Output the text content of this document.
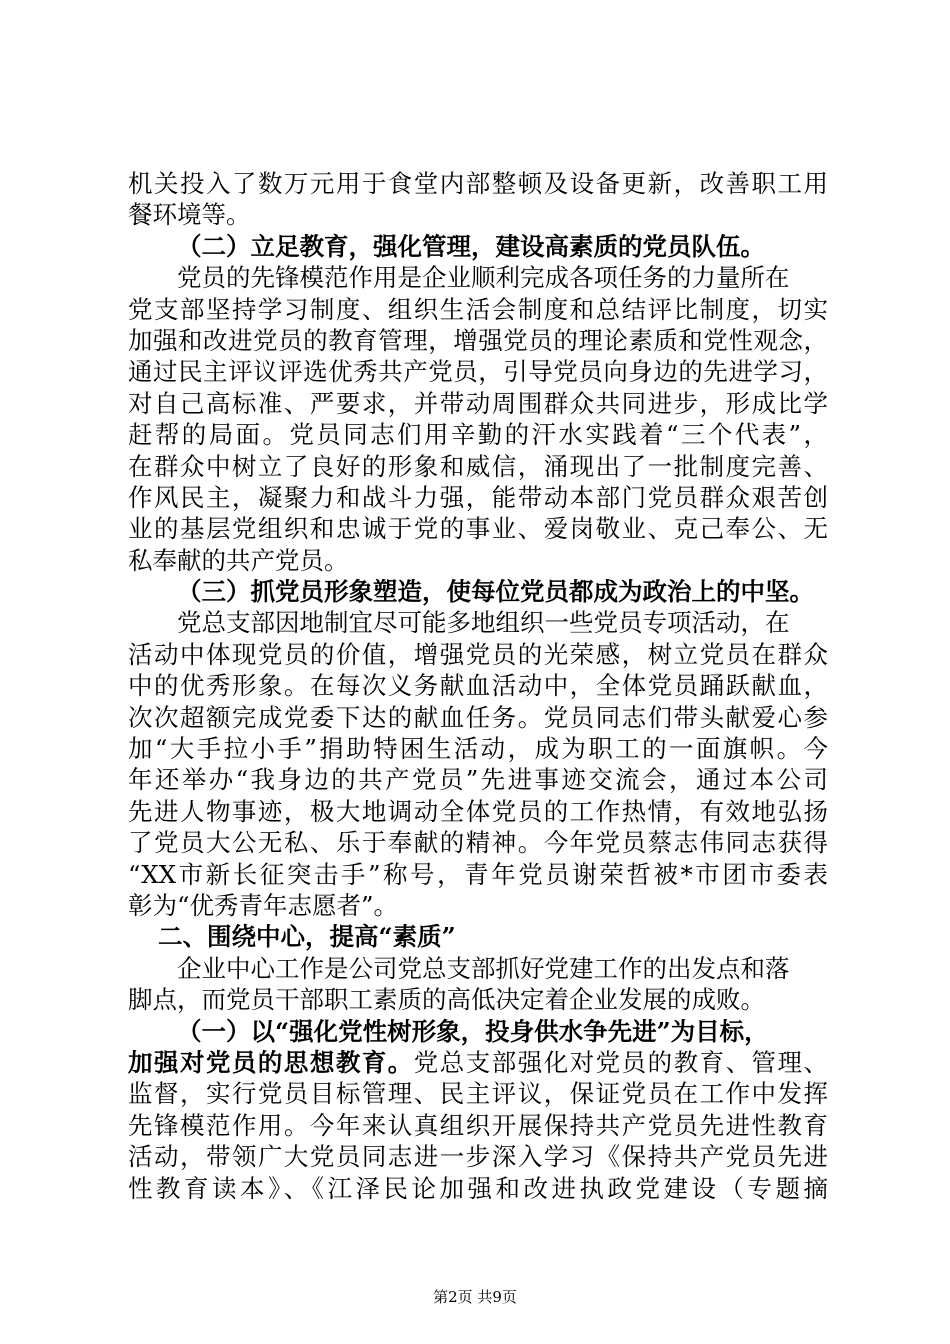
机关投入了数万元用于食堂内部整顿及设备更新，改善职工用
餐环境等。
（二）立足教育，强化管理，建设高素质的党员队伍。
党员的先锋模范作用是企业顺利完成各项任务的力量所在
党支部坚持学习制度、组织生活会制度和总结评比制度，切实
加强和改进党员的教育管理，增强党员的理论素质和党性观念，
通过民主评议评选优秀共产党员，引导党员向身边的先进学习，
对自己高标准、严要求，并带动周围群众共同进步，形成比学
赶帮的局面。党员同志们用辛勤的汗水实践着“三个代表”，
在群众中树立了良好的形象和威信，涌现出了一批制度完善、
作风民主，凝聚力和战斗力强，能带动本部门党员群众艰苦创
业的基层党组织和忠诚于党的事业、爱岗敬业、克己奉公、无
私奉献的共产党员。
（三）抓党员形象塑造，使每位党员都成为政治上的中坚。
党总支部因地制宜尽可能多地组织一些党员专项活动，在
活动中体现党员的价值，增强党员的光荣感，树立党员在群众
中的优秀形象。在每次义务献血活动中，全体党员踊跃献血，
次次超额完成党委下达的献血任务。党员同志们带头献爱心参
加“大手拉小手”捐助特困生活动，成为职工的一面旗帜。今
年还举办“我身边的共产党员”先进事迹交流会，通过本公司
先进人物事迹，极大地调动全体党员的工作热情，有效地弘扬
了党员大公无私、乐于奉献的精神。今年党员蔡志伟同志获得
“XX市新长征突击手”称号，青年党员谢荣哲被*市团市委表
彰为“优秀青年志愿者”。
二、围绕中心，提高“素质”
企业中心工作是公司党总支部抓好党建工作的出发点和落
脚点，而党员干部职工素质的高低决定着企业发展的成败。
（一）以“强化党性树形象，投身供水争先进”为目标，
加强对党员的思想教育。党总支部强化对党员的教育、管理、
监督，实行党员目标管理、民主评议，保证党员在工作中发挥
先锋模范作用。今年来认真组织开展保持共产党员先进性教育
活动，带领广大党员同志进一步深入学习《保持共产党员先进
性教育读本》、《江泽民论加强和改进执政党建设（专题摘
第2页 共9页
